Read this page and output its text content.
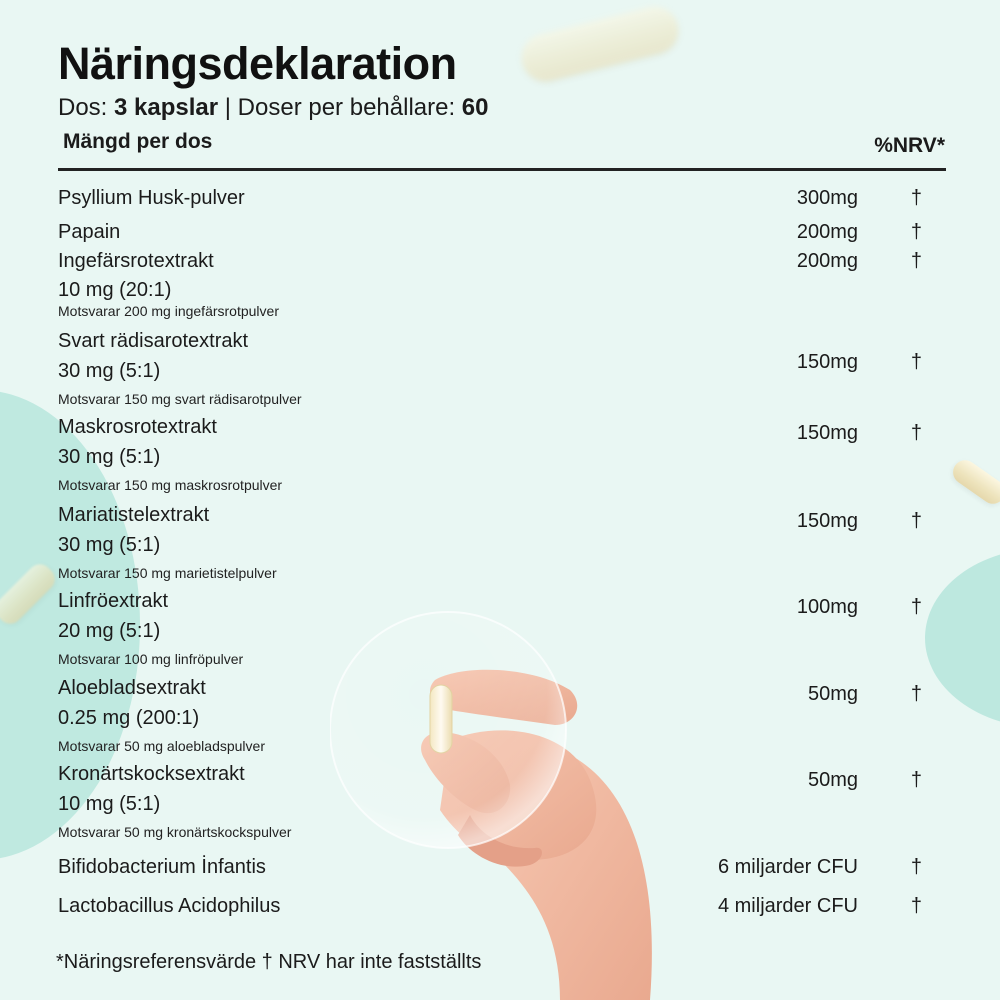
Näringsdeklaration
Dos: 3 kapslar | Doser per behållare: 60
Mängd per dos	%NRV*
Psyllium Husk-pulver	300mg	†
Papain	200mg	†
Ingefärsrotextrakt
10 mg (20:1)
Motsvarar 200 mg ingefärsrotpulver
200mg	†
Svart rädisarotextrakt
30 mg (5:1)
Motsvarar 150 mg svart rädisarotpulver
150mg	†
Maskrosrotextrakt
30 mg (5:1)
Motsvarar 150 mg maskrosrotpulver
150mg	†
Mariatistelextrakt
30 mg (5:1)
Motsvarar 150 mg marietistelpulver
150mg	†
Linfröextrakt
20 mg (5:1)
Motsvarar 100 mg linfröpulver
100mg	†
Aloebladsextrakt
0.25 mg (200:1)
Motsvarar 50 mg aloebladspulver
50mg	†
Kronärtskocksextrakt
10 mg (5:1)
Motsvarar 50 mg kronärtskockspulver
50mg	†
Bifidobacterium İnfantis	6 miljarder CFU	†
Lactobacillus Acidophilus	4 miljarder CFU	†
*Näringsreferensvärde † NRV har inte fastställts
